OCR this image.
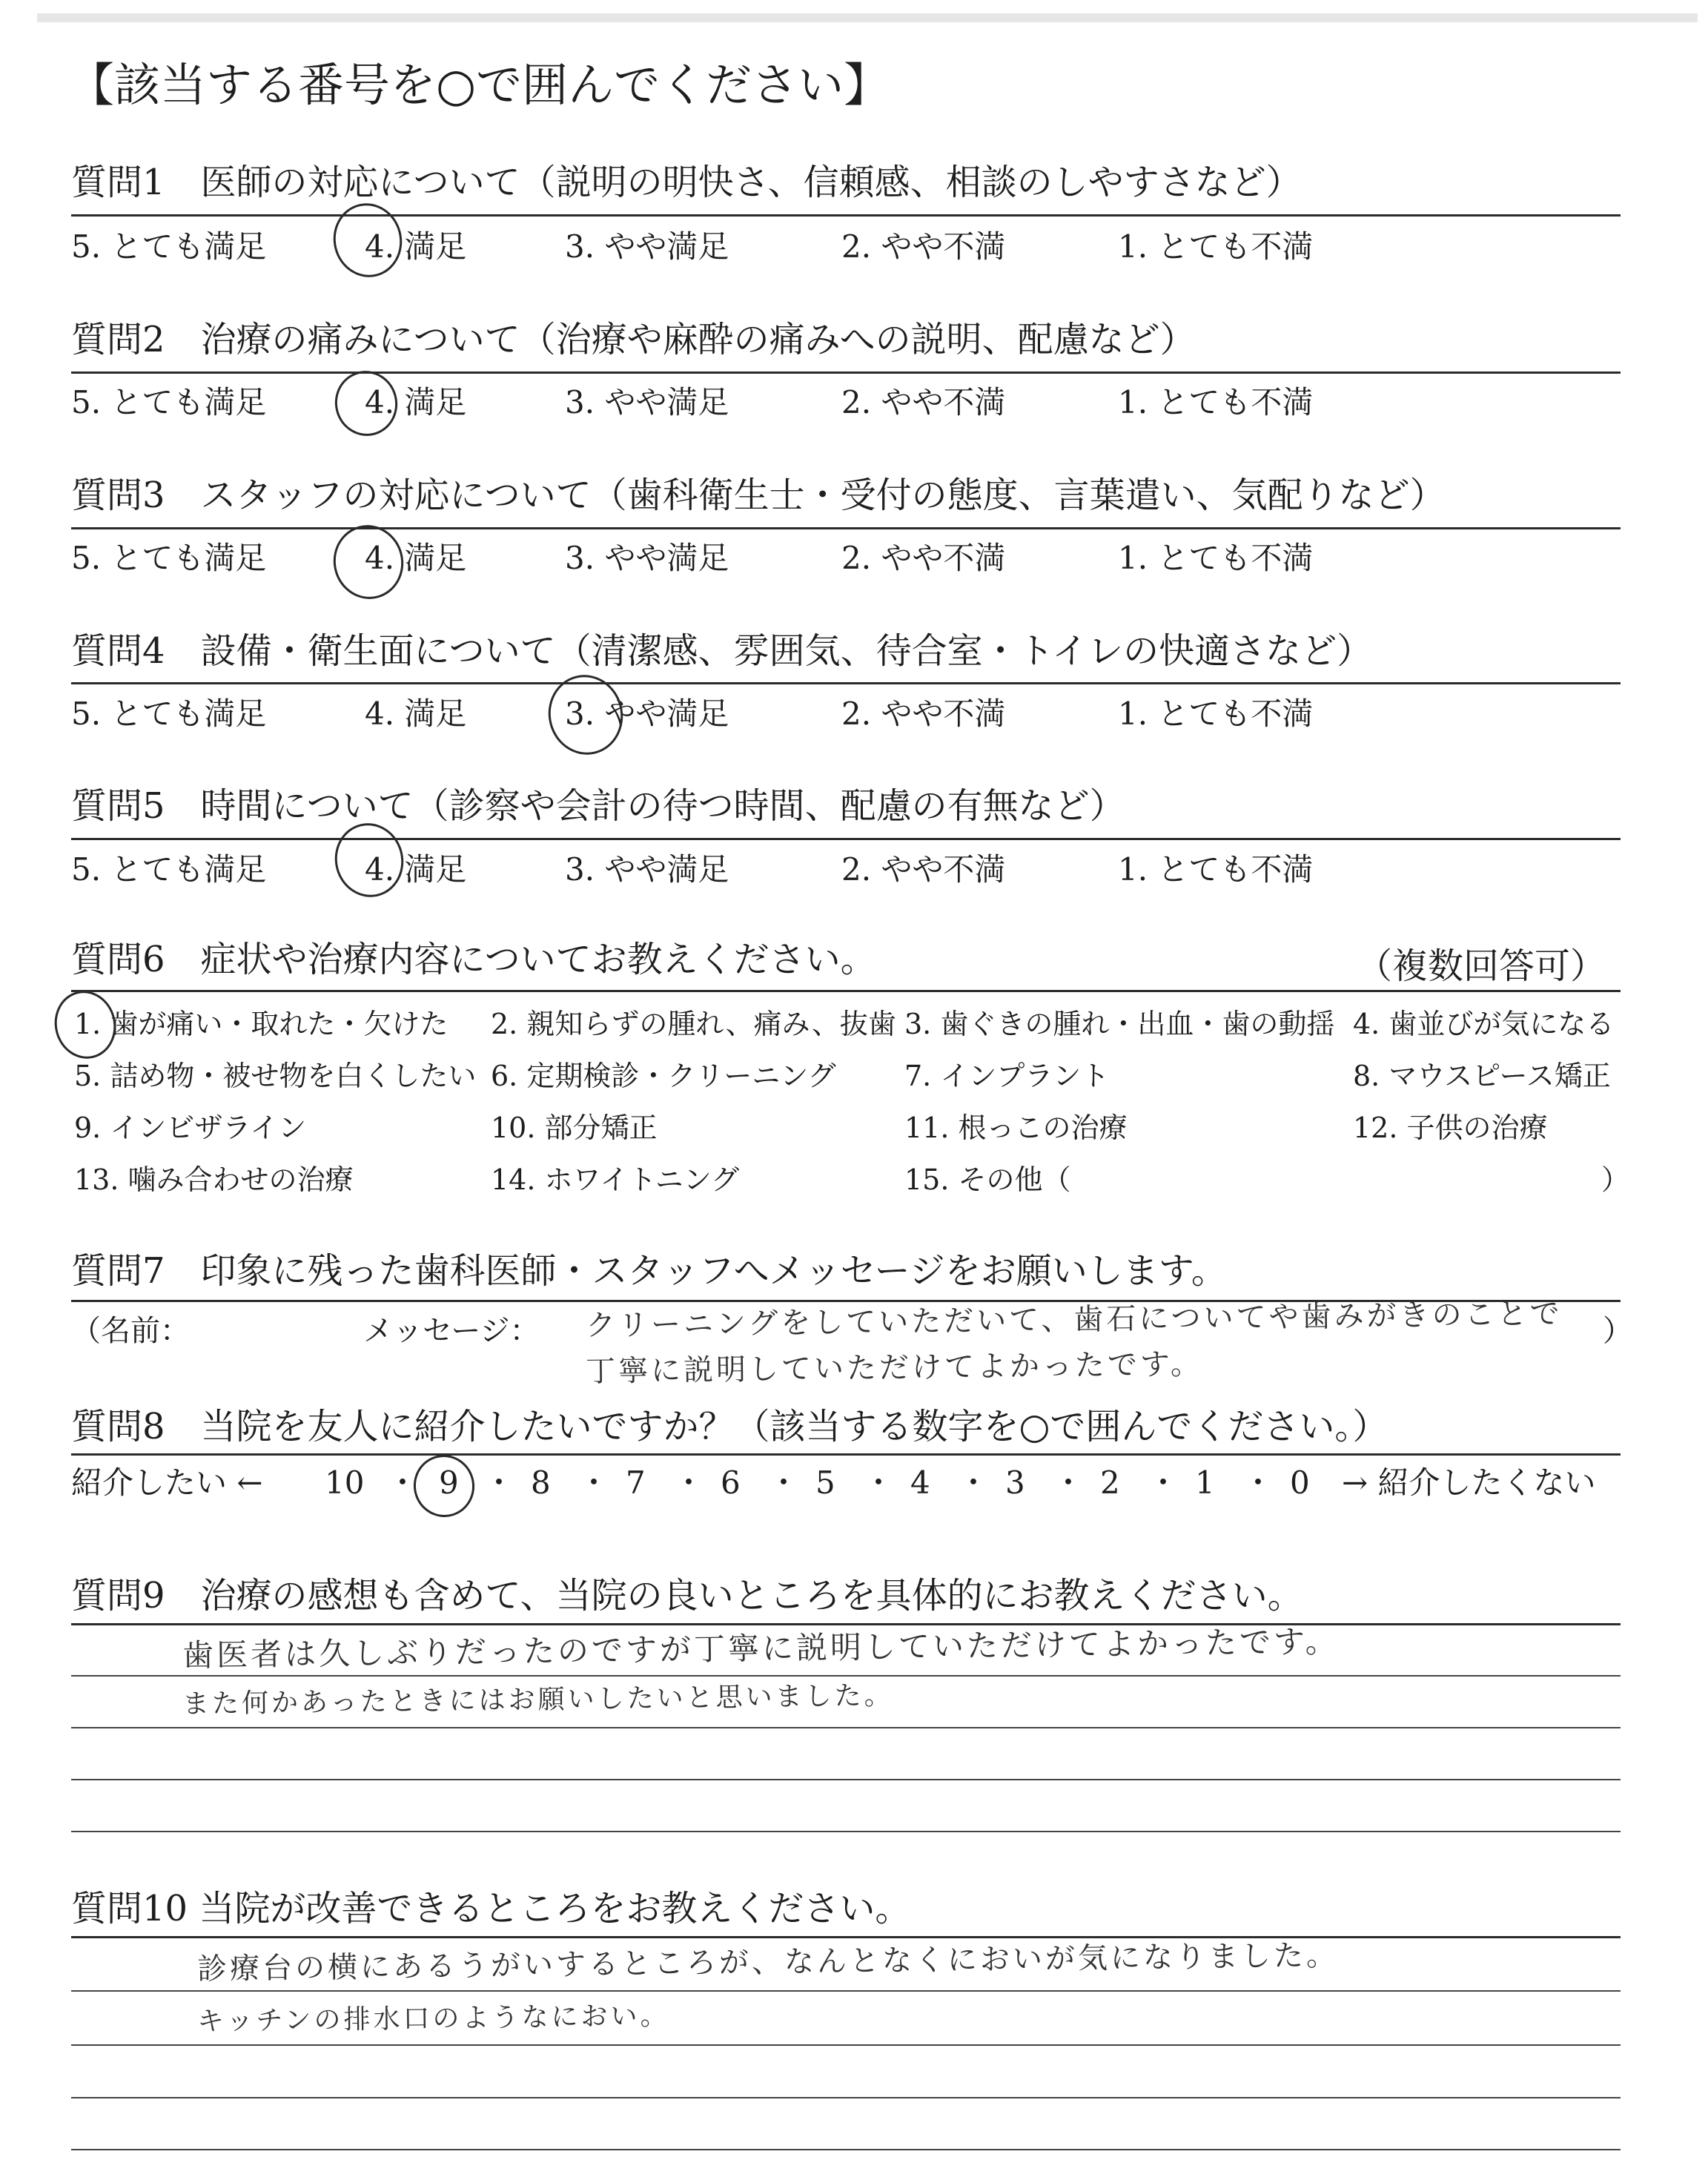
【該当する番号を○で囲んでください】
質問1　医師の対応について（説明の明快さ、信頼感、相談のしやすさなど）
5. とても満足	4. 満足	3. やや満足	2. やや不満	1. とても不満
質問2　治療の痛みについて（治療や麻酔の痛みへの説明、配慮など）
5. とても満足	4. 満足	3. やや満足	2. やや不満	1. とても不満
質問3　スタッフの対応について（歯科衛生士・受付の態度、言葉遣い、気配りなど）
5. とても満足	4. 満足	3. やや満足	2. やや不満	1. とても不満
質問4　設備・衛生面について（清潔感、雰囲気、待合室・トイレの快適さなど）
5. とても満足	4. 満足	3. やや満足	2. やや不満	1. とても不満
質問5　時間について（診察や会計の待つ時間、配慮の有無など）
5. とても満足	4. 満足	3. やや満足	2. やや不満	1. とても不満
質問6　症状や治療内容についてお教えください。	（複数回答可）
1. 歯が痛い・取れた・欠けた 2. 親知らずの腫れ、痛み、抜歯 3. 歯ぐきの腫れ・出血・歯の動揺 4. 歯並びが気になる
5. 詰め物・被せ物を白くしたい 6. 定期検診・クリーニング 7. インプラント	8. マウスピース矯正
9. インビザライン	10. 部分矯正	11. 根っこの治療	12. 子供の治療
13. 噛み合わせの治療	14. ホワイトニング	15. その他（	）
質問7　印象に残った歯科医師・スタッフへメッセージをお願いします。
（名前：	メッセージ： クリーニングをしていただいて、歯石についてや歯みがきのことで
丁寧に説明していただけてよかったです。
）
質問8　当院を友人に紹介したいですか？（該当する数字を○で囲んでください。）
紹介したい ← 10 ・ 9 ・ 8 ・ 7 ・ 6 ・ 5 ・ 4 ・ 3 ・ 2 ・ 1 ・ 0 → 紹介したくない
質問9　治療の感想も含めて、当院の良いところを具体的にお教えください。
歯医者は久しぶりだったのですが丁寧に説明していただけてよかったです。
また何かあったときにはお願いしたいと思いました。
質問10 当院が改善できるところをお教えください。
診療台の横にあるうがいするところが、なんとなくにおいが気になりました。
キッチンの排水口のようなにおい。
